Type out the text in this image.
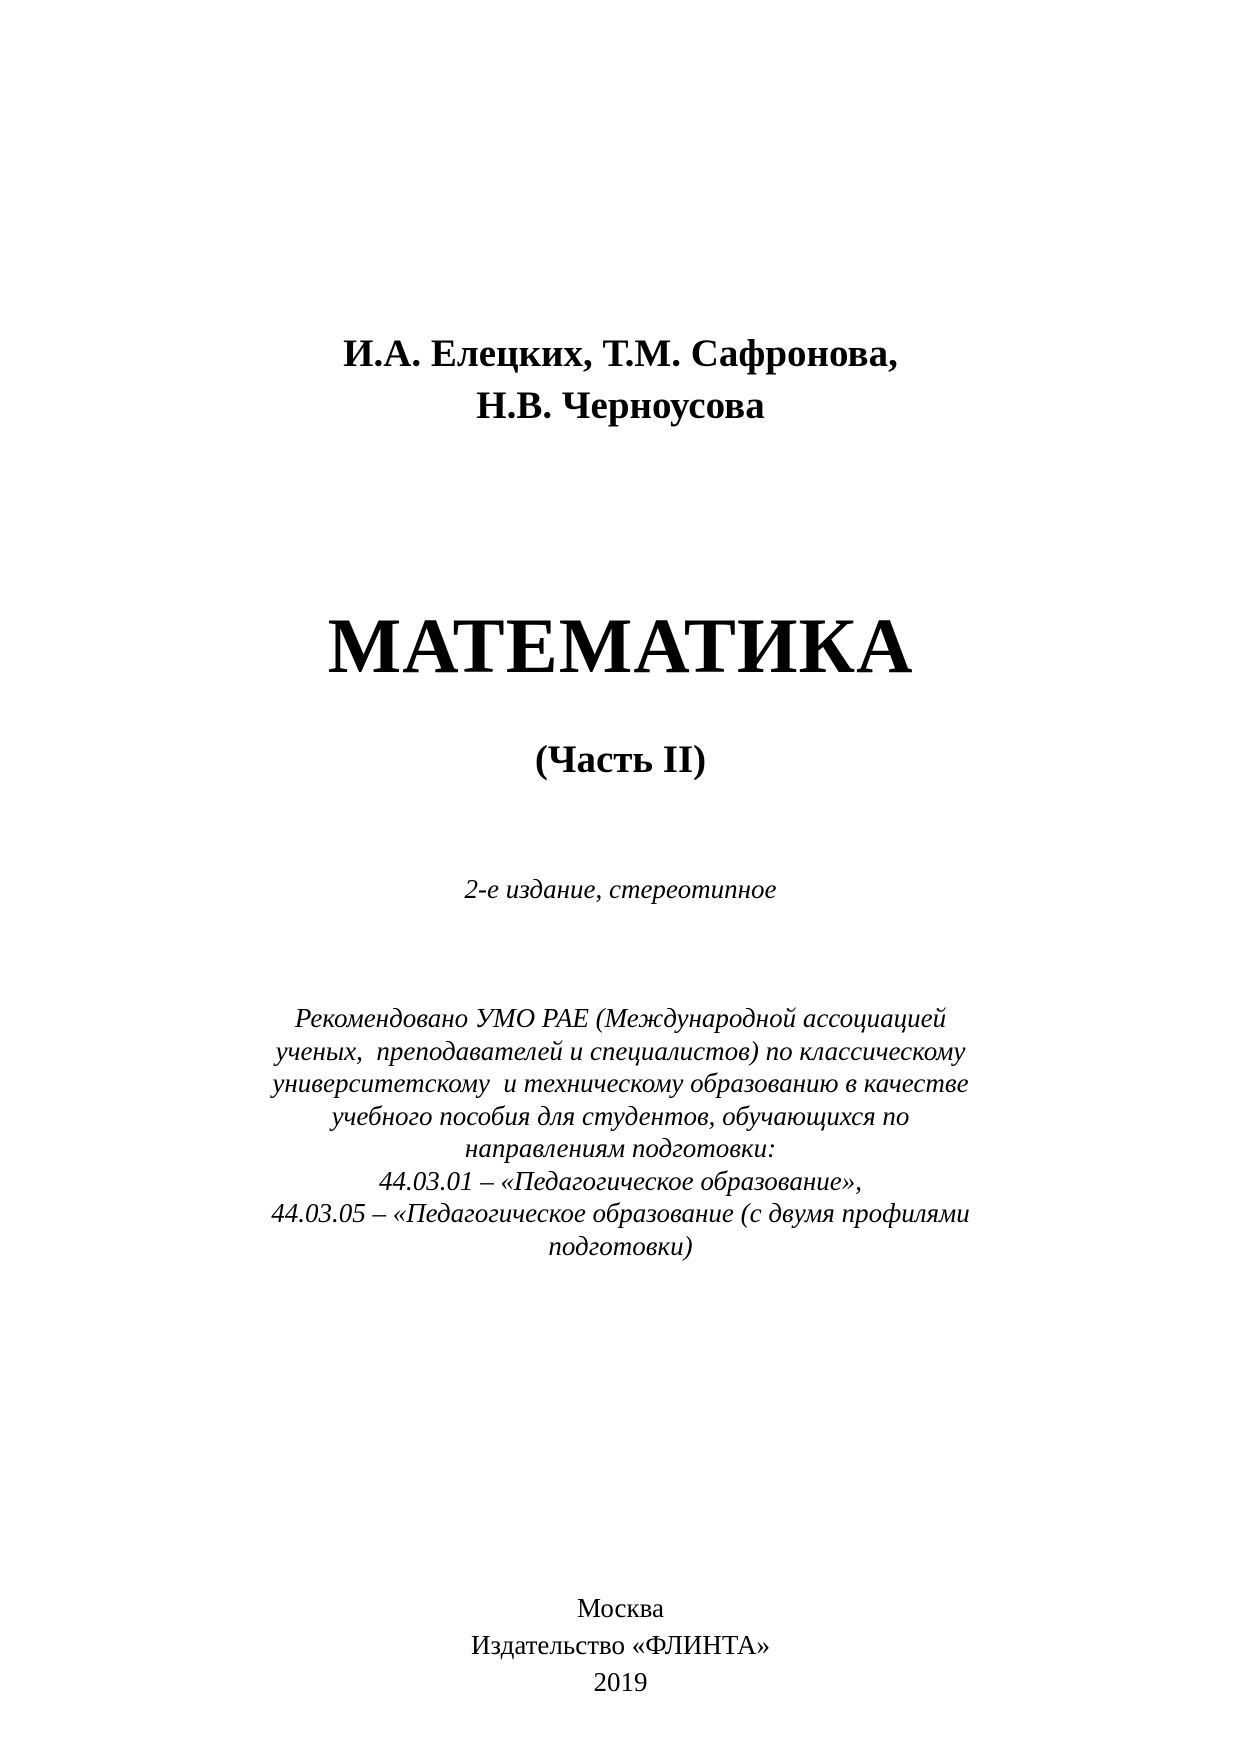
И.А. Елецких, Т.М. Сафронова,
Н.В. Черноусова
МАТЕМАТИКА
(Часть II)
2-е издание, стереотипное
Рекомендовано УМО РАЕ (Международной ассоциацией
ученых,  преподавателей и специалистов) по классическому
университетскому  и техническому образованию в качестве
учебного пособия для студентов, обучающихся по
направлениям подготовки:
44.03.01 – «Педагогическое образование»,
44.03.05 – «Педагогическое образование (с двумя профилями
подготовки)
Москва
Издательство «ФЛИНТА»
2019
